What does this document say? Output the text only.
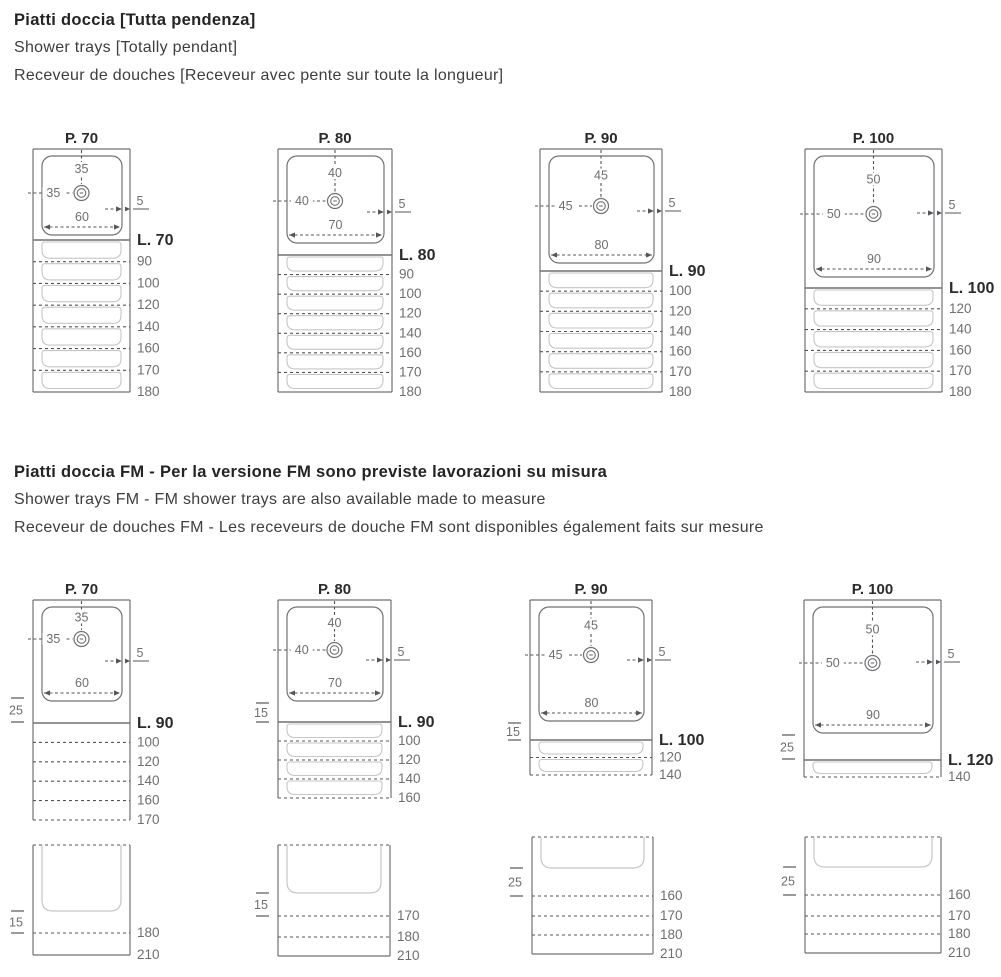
Piatti doccia [Tutta pendenza]
Shower trays [Totally pendant]
Receveur de douches [Receveur avec pente sur toute la longueur]
Piatti doccia FM - Per la versione FM sono previste lavorazioni su misura
Shower trays FM - FM shower trays are also available made to measure
Receveur de douches FM - Les receveurs de douche FM sont disponibles également faits sur mesure
P. 70
35
35
60
5
L. 70
90
100
120
140
160
170
180
P. 80
40
40
70
5
L. 80
90
100
120
140
160
170
180
P. 90
45
45
80
5
L. 90
100
120
140
160
170
180
P. 100
50
50
90
5
L. 100
120
140
160
170
180
P. 70
35
35
60
5
L. 90
25
100
120
140
160
170
P. 80
40
40
70
5
L. 90
15
100
120
140
160
P. 90
45
45
80
5
L. 100
15
120
140
P. 100
50
50
90
5
L. 120
25
140
15
180
210
15
170
180
210
25
160
170
180
210
25
160
170
180
210
